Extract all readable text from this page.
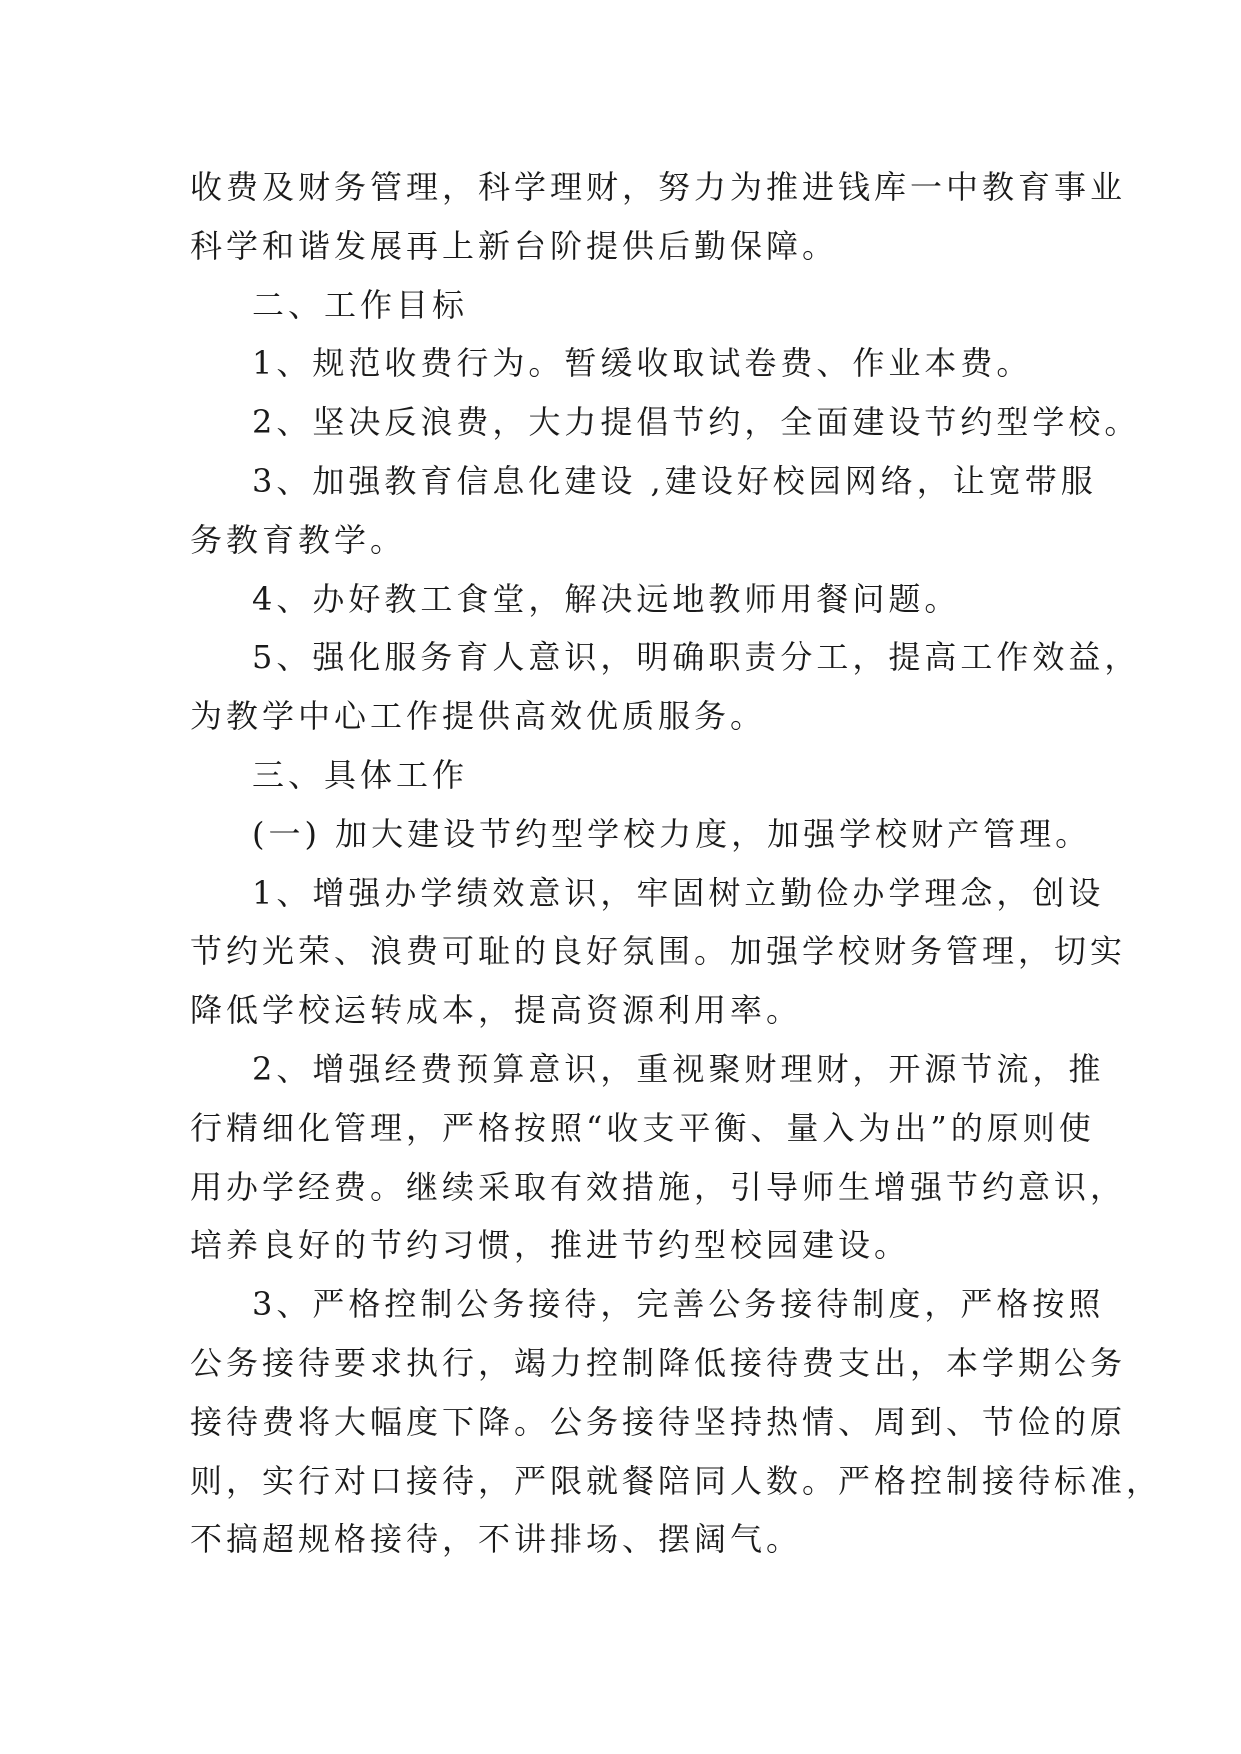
收费及财务管理，科学理财，努力为推进钱库一中教育事业
科学和谐发展再上新台阶提供后勤保障。
二、工作目标
1、规范收费行为。暂缓收取试卷费、作业本费。
2、坚决反浪费，大力提倡节约，全面建设节约型学校。
3、加强教育信息化建设 ,建设好校园网络，让宽带服
务教育教学。
4、办好教工食堂，解决远地教师用餐问题。
5、强化服务育人意识，明确职责分工，提高工作效益，
为教学中心工作提供高效优质服务。
三、具体工作
(一) 加大建设节约型学校力度，加强学校财产管理。
1、增强办学绩效意识，牢固树立勤俭办学理念，创设
节约光荣、浪费可耻的良好氛围。加强学校财务管理，切实
降低学校运转成本，提高资源利用率。
2、增强经费预算意识，重视聚财理财，开源节流，推
行精细化管理，严格按照“收支平衡、量入为出”的原则使
用办学经费。继续采取有效措施，引导师生增强节约意识，
培养良好的节约习惯，推进节约型校园建设。
3、严格控制公务接待，完善公务接待制度，严格按照
公务接待要求执行，竭力控制降低接待费支出，本学期公务
接待费将大幅度下降。公务接待坚持热情、周到、节俭的原
则，实行对口接待，严限就餐陪同人数。严格控制接待标准，
不搞超规格接待，不讲排场、摆阔气。
